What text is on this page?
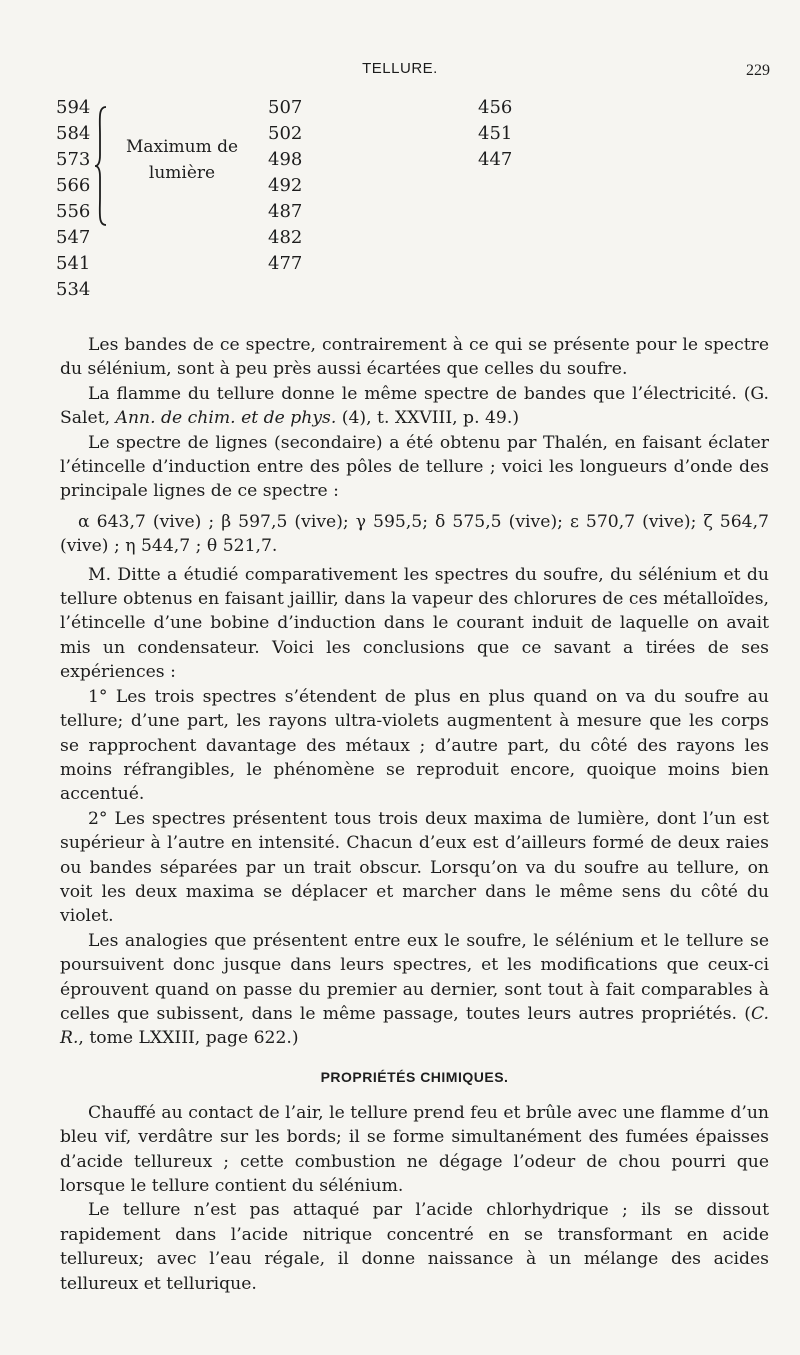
TELLURE.	229
594	507	456
584	502	451
573	498	447
566	492
556	487
547	482
541	477
534
Maximum de
lumière

Les bandes de ce spectre, contrairement à ce qui se présente pour le spectre du sélénium, sont à peu près aussi écartées que celles du soufre.

La flamme du tellure donne le même spectre de bandes que l’électricité. (G. Salet, Ann. de chim. et de phys. (4), t. XXVIII, p. 49.)

Le spectre de lignes (secondaire) a été obtenu par Thalén, en faisant éclater l’étincelle d’induction entre des pôles de tellure ; voici les longueurs d’onde des principale lignes de ce spectre :

α 643,7 (vive) ; β 597,5 (vive); γ 595,5; δ 575,5 (vive); ε 570,7 (vive); ζ 564,7 (vive) ; η 544,7 ; θ 521,7.

M. Ditte a étudié comparativement les spectres du soufre, du sélénium et du tellure obtenus en faisant jaillir, dans la vapeur des chlorures de ces métalloïdes, l’étincelle d’une bobine d’induction dans le courant induit de laquelle on avait mis un condensateur. Voici les conclusions que ce savant a tirées de ses expériences :

1° Les trois spectres s’étendent de plus en plus quand on va du soufre au tellure; d’une part, les rayons ultra-violets augmentent à mesure que les corps se rapprochent davantage des métaux ; d’autre part, du côté des rayons les moins réfrangibles, le phénomène se reproduit encore, quoique moins bien accentué.

2° Les spectres présentent tous trois deux maxima de lumière, dont l’un est supérieur à l’autre en intensité. Chacun d’eux est d’ailleurs formé de deux raies ou bandes séparées par un trait obscur. Lorsqu’on va du soufre au tellure, on voit les deux maxima se déplacer et marcher dans le même sens du côté du violet.

Les analogies que présentent entre eux le soufre, le sélénium et le tellure se poursuivent donc jusque dans leurs spectres, et les modifications que ceux-ci éprouvent quand on passe du premier au dernier, sont tout à fait comparables à celles que subissent, dans le même passage, toutes leurs autres propriétés. (C. R., tome LXXIII, page 622.)

PROPRIÉTÉS CHIMIQUES.

Chauffé au contact de l’air, le tellure prend feu et brûle avec une flamme d’un bleu vif, verdâtre sur les bords; il se forme simultanément des fumées épaisses d’acide tellureux ; cette combustion ne dégage l’odeur de chou pourri que lorsque le tellure contient du sélénium.

Le tellure n’est pas attaqué par l’acide chlorhydrique ; ils se dissout rapidement dans l’acide nitrique concentré en se transformant en acide tellureux; avec l’eau régale, il donne naissance à un mélange des acides tellureux et tellurique.
